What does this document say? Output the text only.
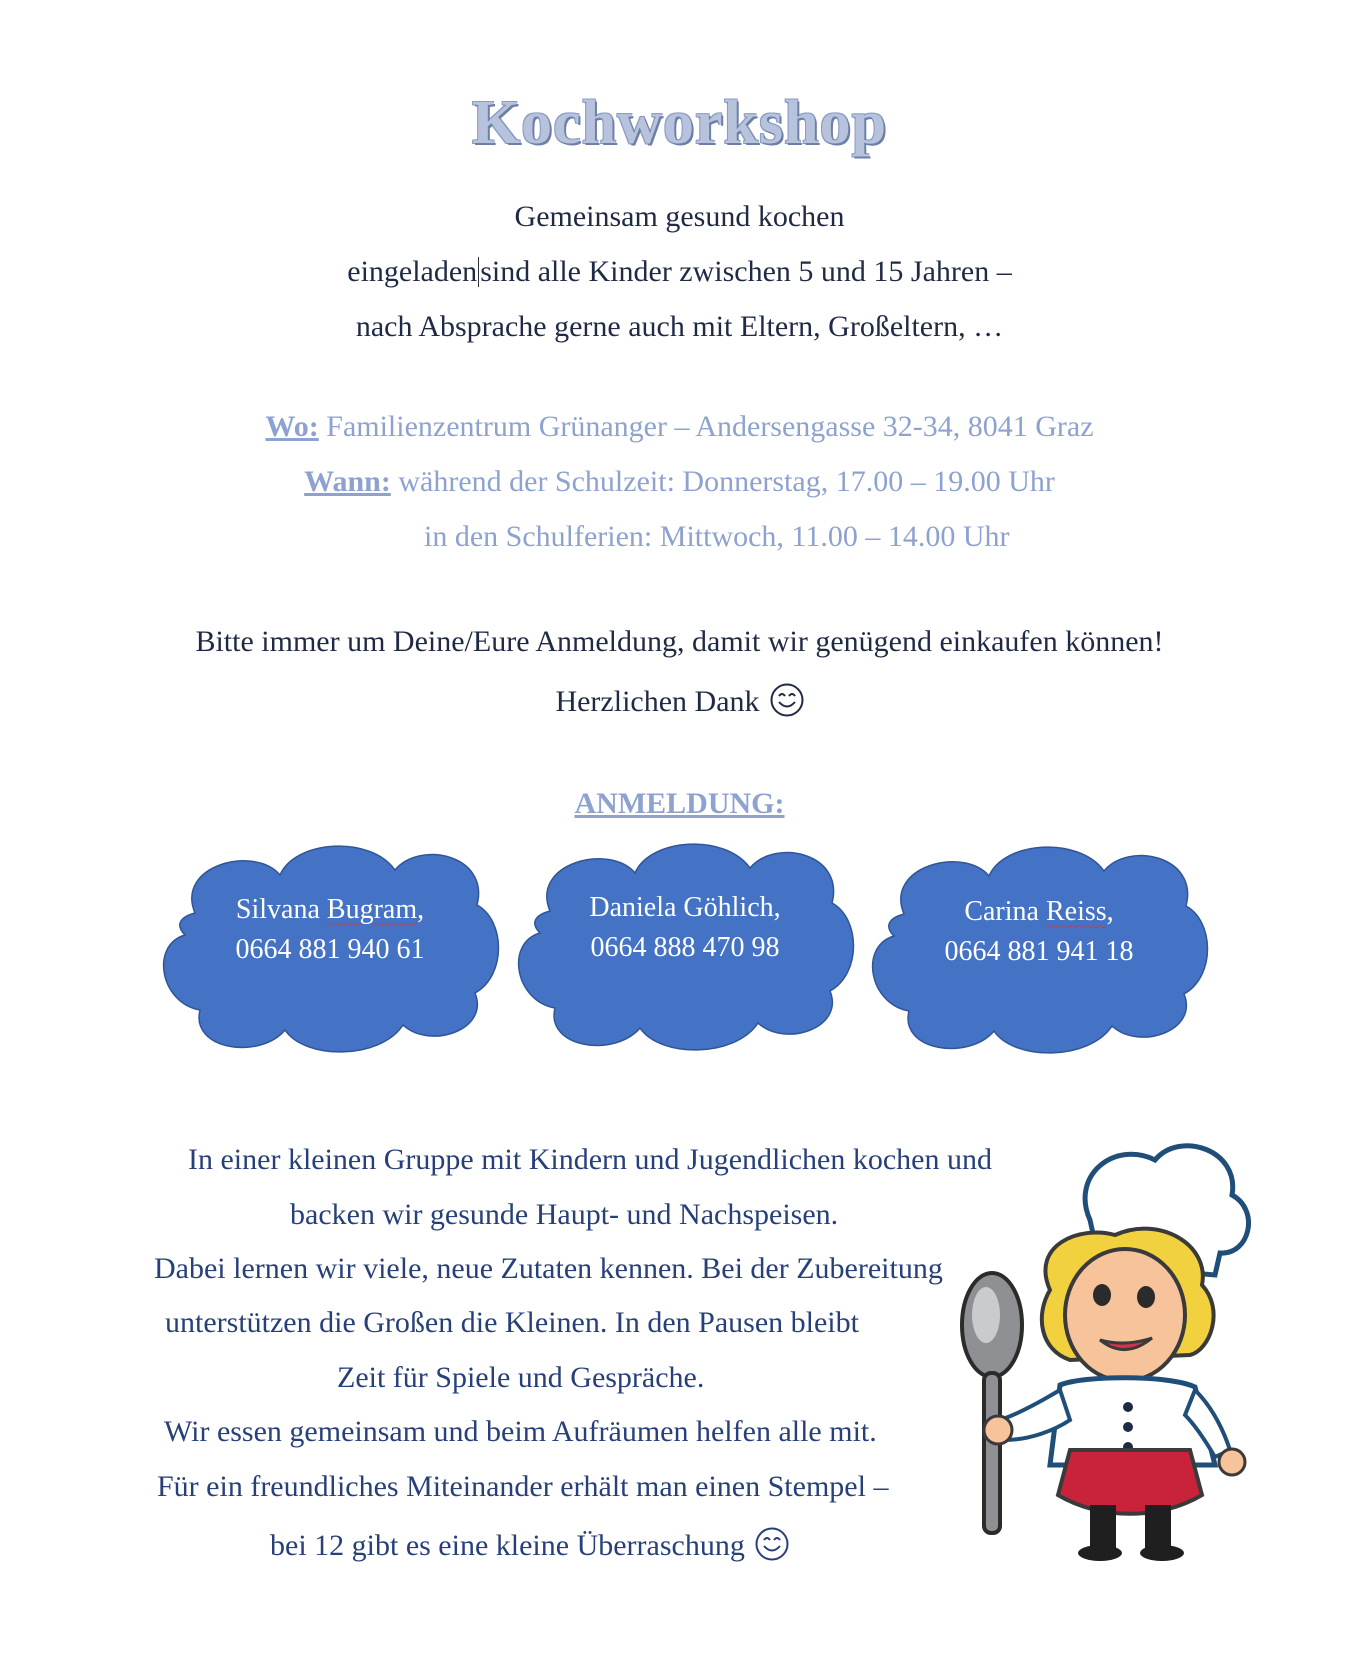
Kochworkshop
Gemeinsam gesund kochen
eingeladen sind alle Kinder zwischen 5 und 15 Jahren –
nach Absprache gerne auch mit Eltern, Großeltern, …
Wo: Familienzentrum Grünanger – Andersengasse 32-34, 8041 Graz
Wann: während der Schulzeit: Donnerstag, 17.00 – 19.00 Uhr
in den Schulferien: Mittwoch, 11.00 – 14.00 Uhr
Bitte immer um Deine/Eure Anmeldung, damit wir genügend einkaufen können!
Herzlichen Dank
ANMELDUNG:
Silvana Bugram,
0664 881 940 61
Daniela Göhlich,
0664 888 470 98
Carina Reiss,
0664 881 941 18
In einer kleinen Gruppe mit Kindern und Jugendlichen kochen und
backen wir gesunde Haupt- und Nachspeisen.
Dabei lernen wir viele, neue Zutaten kennen. Bei der Zubereitung
unterstützen die Großen die Kleinen. In den Pausen bleibt
Zeit für Spiele und Gespräche.
Wir essen gemeinsam und beim Aufräumen helfen alle mit.
Für ein freundliches Miteinander erhält man einen Stempel –
bei 12 gibt es eine kleine Überraschung
